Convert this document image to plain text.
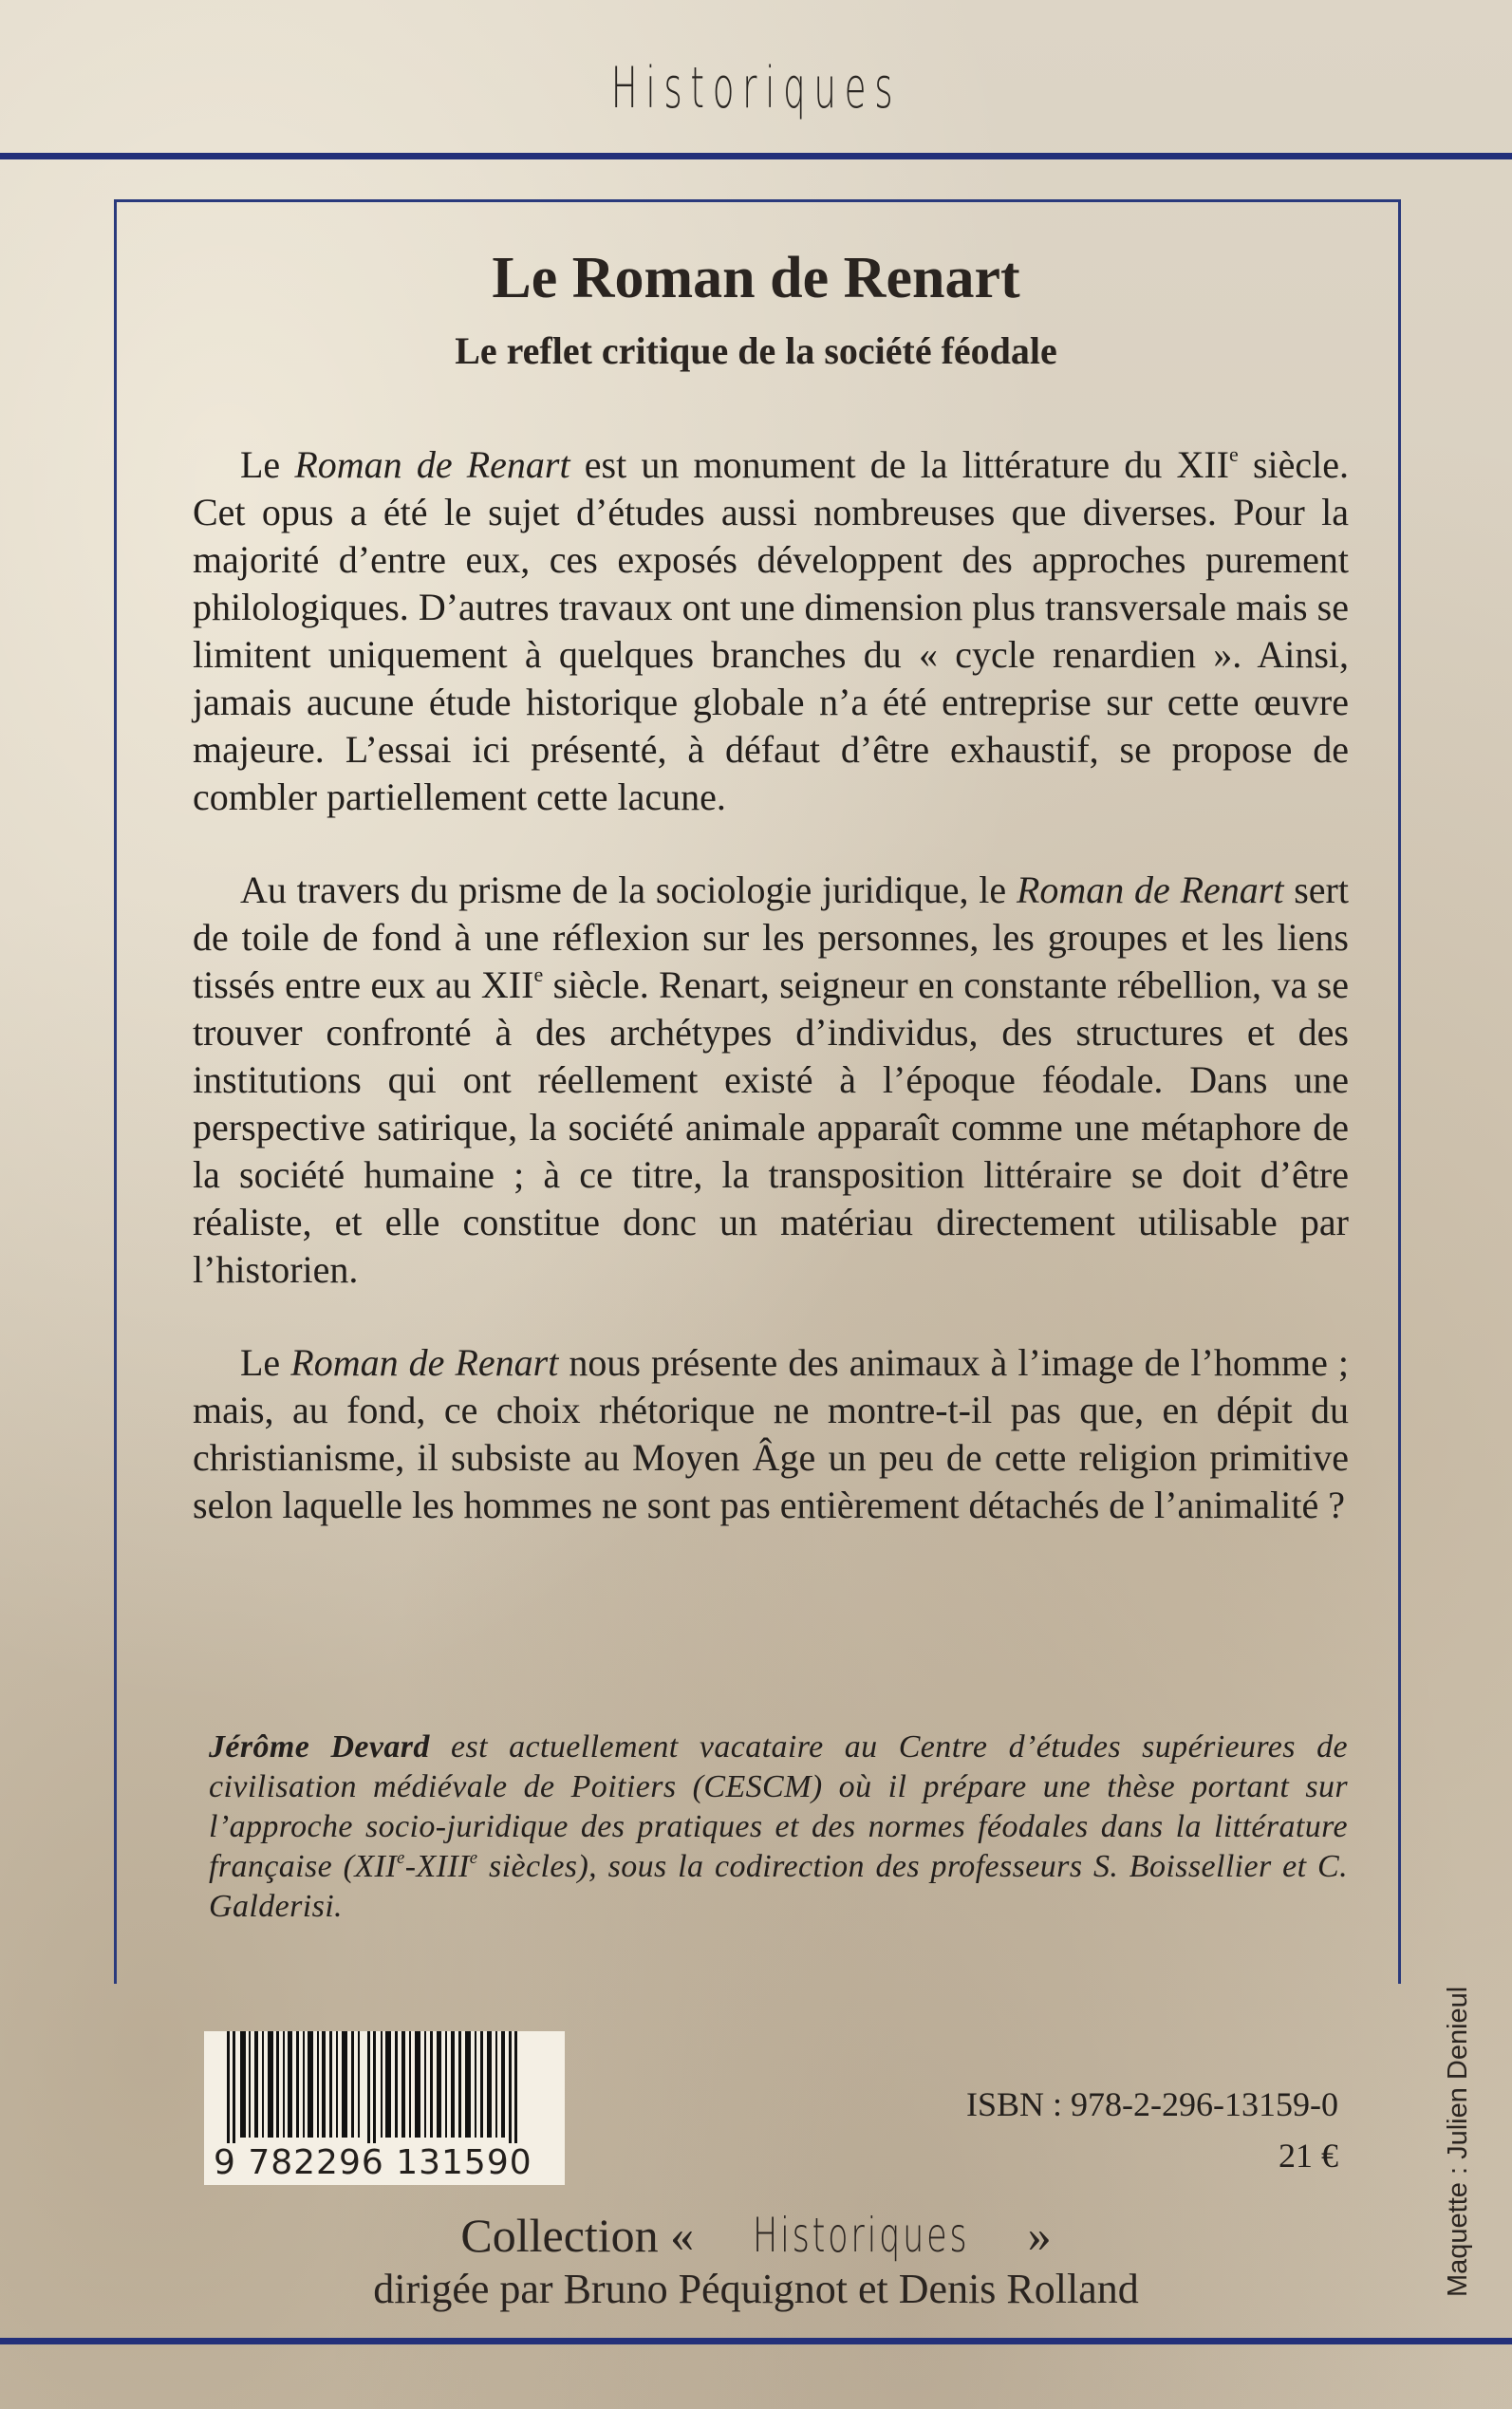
Historiques
Le Roman de Renart
Le reflet critique de la société féodale

Le Roman de Renart est un monument de la littérature du XIIe siècle. Cet opus a été le sujet d’études aussi nombreuses que diverses. Pour la majorité d’entre eux, ces exposés développent des approches purement philologiques. D’autres travaux ont une dimension plus transversale mais se limitent uniquement à quelques branches du « cycle renardien ». Ainsi, jamais aucune étude historique globale n’a été entreprise sur cette œuvre majeure. L’essai ici présenté, à défaut d’être exhaustif, se propose de combler partiellement cette lacune.

Au travers du prisme de la sociologie juridique, le Roman de Renart sert de toile de fond à une réflexion sur les personnes, les groupes et les liens tissés entre eux au XIIe siècle. Renart, seigneur en constante rébellion, va se trouver confronté à des archétypes d’individus, des structures et des institutions qui ont réellement existé à l’époque féodale. Dans une perspective satirique, la société animale apparaît comme une métaphore de la société humaine ; à ce titre, la transposition littéraire se doit d’être réaliste, et elle constitue donc un matériau directement utilisable par l’historien.

Le Roman de Renart nous présente des animaux à l’image de l’homme ; mais, au fond, ce choix rhétorique ne montre-t-il pas que, en dépit du christianisme, il subsiste au Moyen Âge un peu de cette religion primitive selon laquelle les hommes ne sont pas entièrement détachés de l’animalité ?

Jérôme Devard est actuellement vacataire au Centre d’études supérieures de civilisation médiévale de Poitiers (CESCM) où il prépare une thèse portant sur l’approche socio-juridique des pratiques et des normes féodales dans la littérature française (XIIe-XIIIe siècles), sous la codirection des professeurs S. Boissellier et C. Galderisi.
9 782296 131590
ISBN : 978-2-296-13159-0
21 €
Collection « Historiques »
dirigée par Bruno Péquignot et Denis Rolland	Maquette : Julien Denieul
